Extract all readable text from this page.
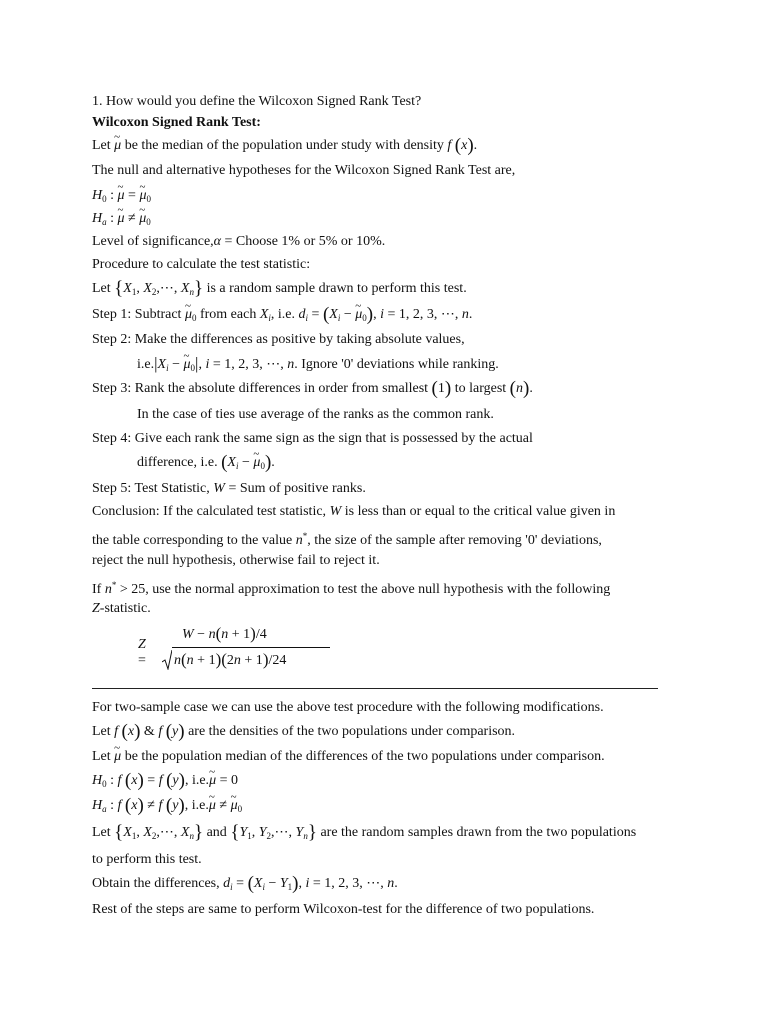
1. How would you define the Wilcoxon Signed Rank Test?
Wilcoxon Signed Rank Test:
Let μ ~ be the median of the population under study with density f (x).
The null and alternative hypotheses for the Wilcoxon Signed Rank Test are,
$H_0$ : μ ~ = μ $\sim_0$
$H_a$ : μ ~ ≠ μ $\sim_0$
Level of significance,α = Choose 1% or 5% or 10%.
Procedure to calculate the test statistic:
Let {$X_1$, $X_2,\cdots$, $X_n$} is a random sample drawn to perform this test.
Step 1: Subtract μ $\sim_0$ from each $X_i$, i.e. $d_i = (X_i - \mu$ $\sim_0$), i = 1, 2, 3, ⋯, n.
Step 2: Make the differences as positive by taking absolute values,
$i.e.|X_i - \mu$ $\sim_0|$, i = 1, 2, 3, ⋯, n. Ignore '0' deviations while ranking.
Step 3: Rank the absolute differences in order from smallest (1) to largest (n).
In the case of ties use average of the ranks as the common rank.
Step 4: Give each rank the same sign as the sign that is possessed by the actual
difference, i.e. ($X_i - \mu$ $\sim_0$).
Step 5: Test Statistic, W = Sum of positive ranks.
Conclusion: If the calculated test statistic, W is less than or equal to the critical value given in
the table corresponding to the value n*, the size of the sample after removing '0' deviations,
reject the null hypothesis, otherwise fail to reject it.
If n* > 25, use the normal approximation to test the above null hypothesis with the following
Z-statistic.
Z =
W − n(n + 1)/4
n(n + 1)(2n + 1)/24
For two-sample case we can use the above test procedure with the following modifications.
Let f (x) & f (y) are the densities of the two populations under comparison.
Let μ ~ be the population median of the differences of the two populations under comparison.
$H_0$ : f (x) = f (y), i.e.μ ~ = 0
$H_a$ : f (x) ≠ f (y), i.e.μ ~ ≠ μ $\sim_0$
Let {$X_1$, $X_2,\cdots$, $X_n$} and {$Y_1$, $Y_2,\cdots$, $Y_n$} are the random samples drawn from the two populations
to perform this test.
Obtain the differences, $d_i = (X_i - Y_1)$, i = 1, 2, 3, ⋯, n.
Rest of the steps are same to perform Wilcoxon-test for the difference of two populations.
